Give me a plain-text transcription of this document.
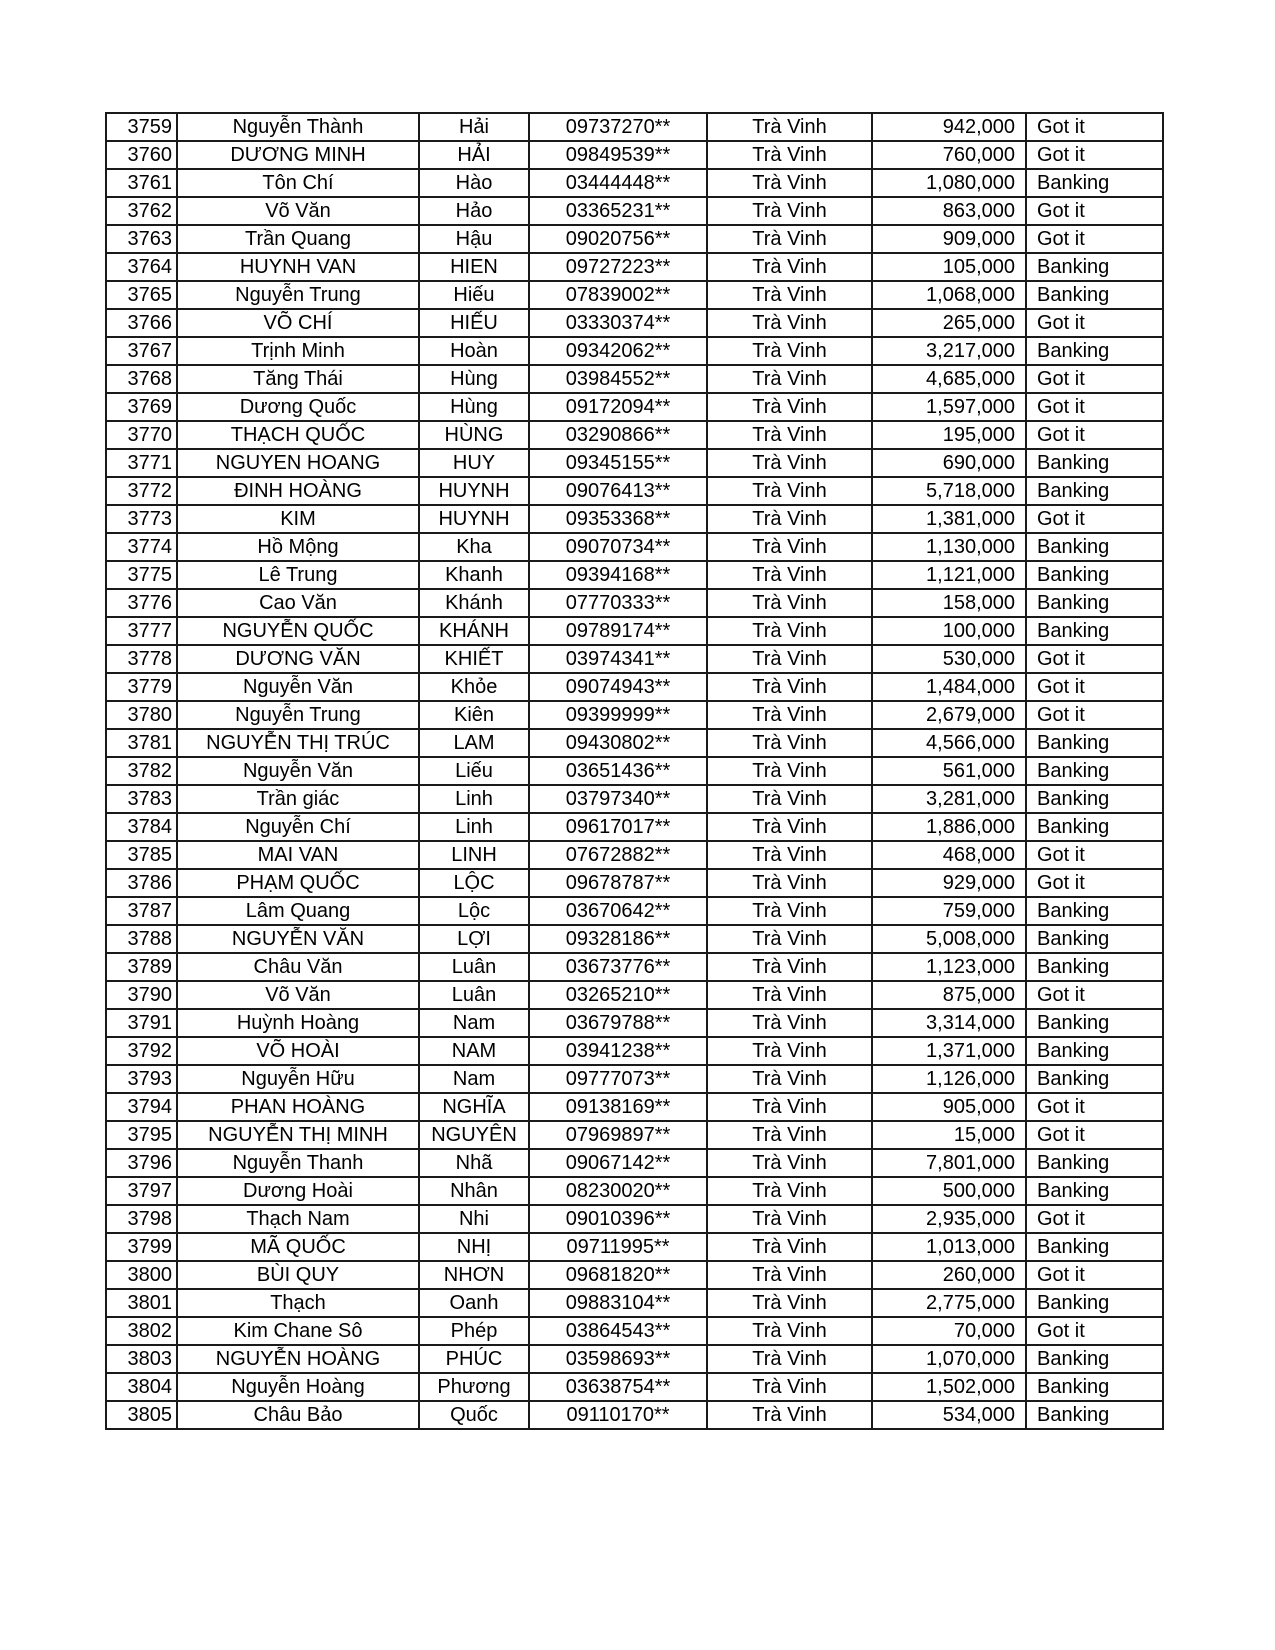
3759	Nguyễn Thành	Hải	09737270**	Trà Vinh	942,000	Got it
3760	DƯƠNG MINH	HẢI	09849539**	Trà Vinh	760,000	Got it
3761	Tôn Chí	Hào	03444448**	Trà Vinh	1,080,000	Banking
3762	Võ Văn	Hảo	03365231**	Trà Vinh	863,000	Got it
3763	Trần Quang	Hậu	09020756**	Trà Vinh	909,000	Got it
3764	HUYNH VAN	HIEN	09727223**	Trà Vinh	105,000	Banking
3765	Nguyễn Trung	Hiếu	07839002**	Trà Vinh	1,068,000	Banking
3766	VÕ CHÍ	HIẾU	03330374**	Trà Vinh	265,000	Got it
3767	Trịnh Minh	Hoàn	09342062**	Trà Vinh	3,217,000	Banking
3768	Tăng Thái	Hùng	03984552**	Trà Vinh	4,685,000	Got it
3769	Dương Quốc	Hùng	09172094**	Trà Vinh	1,597,000	Got it
3770	THẠCH QUỐC	HÙNG	03290866**	Trà Vinh	195,000	Got it
3771	NGUYEN HOANG	HUY	09345155**	Trà Vinh	690,000	Banking
3772	ĐINH HOÀNG	HUYNH	09076413**	Trà Vinh	5,718,000	Banking
3773	KIM	HUYNH	09353368**	Trà Vinh	1,381,000	Got it
3774	Hồ Mộng	Kha	09070734**	Trà Vinh	1,130,000	Banking
3775	Lê Trung	Khanh	09394168**	Trà Vinh	1,121,000	Banking
3776	Cao Văn	Khánh	07770333**	Trà Vinh	158,000	Banking
3777	NGUYỄN QUỐC	KHÁNH	09789174**	Trà Vinh	100,000	Banking
3778	DƯƠNG VĂN	KHIẾT	03974341**	Trà Vinh	530,000	Got it
3779	Nguyễn Văn	Khỏe	09074943**	Trà Vinh	1,484,000	Got it
3780	Nguyễn Trung	Kiên	09399999**	Trà Vinh	2,679,000	Got it
3781	NGUYỄN THỊ TRÚC	LAM	09430802**	Trà Vinh	4,566,000	Banking
3782	Nguyễn Văn	Liếu	03651436**	Trà Vinh	561,000	Banking
3783	Trần giác	Linh	03797340**	Trà Vinh	3,281,000	Banking
3784	Nguyễn Chí	Linh	09617017**	Trà Vinh	1,886,000	Banking
3785	MAI VAN	LINH	07672882**	Trà Vinh	468,000	Got it
3786	PHẠM QUỐC	LỘC	09678787**	Trà Vinh	929,000	Got it
3787	Lâm Quang	Lộc	03670642**	Trà Vinh	759,000	Banking
3788	NGUYỄN VĂN	LỢI	09328186**	Trà Vinh	5,008,000	Banking
3789	Châu Văn	Luân	03673776**	Trà Vinh	1,123,000	Banking
3790	Võ Văn	Luân	03265210**	Trà Vinh	875,000	Got it
3791	Huỳnh Hoàng	Nam	03679788**	Trà Vinh	3,314,000	Banking
3792	VÕ HOÀI	NAM	03941238**	Trà Vinh	1,371,000	Banking
3793	Nguyễn Hữu	Nam	09777073**	Trà Vinh	1,126,000	Banking
3794	PHAN HOÀNG	NGHĨA	09138169**	Trà Vinh	905,000	Got it
3795	NGUYỄN THỊ MINH	NGUYÊN	07969897**	Trà Vinh	15,000	Got it
3796	Nguyễn Thanh	Nhã	09067142**	Trà Vinh	7,801,000	Banking
3797	Dương Hoài	Nhân	08230020**	Trà Vinh	500,000	Banking
3798	Thạch Nam	Nhi	09010396**	Trà Vinh	2,935,000	Got it
3799	MÃ QUỐC	NHỊ	09711995**	Trà Vinh	1,013,000	Banking
3800	BÙI QUY	NHƠN	09681820**	Trà Vinh	260,000	Got it
3801	Thạch	Oanh	09883104**	Trà Vinh	2,775,000	Banking
3802	Kim Chane Sô	Phép	03864543**	Trà Vinh	70,000	Got it
3803	NGUYỄN HOÀNG	PHÚC	03598693**	Trà Vinh	1,070,000	Banking
3804	Nguyễn Hoàng	Phương	03638754**	Trà Vinh	1,502,000	Banking
3805	Châu Bảo	Quốc	09110170**	Trà Vinh	534,000	Banking
